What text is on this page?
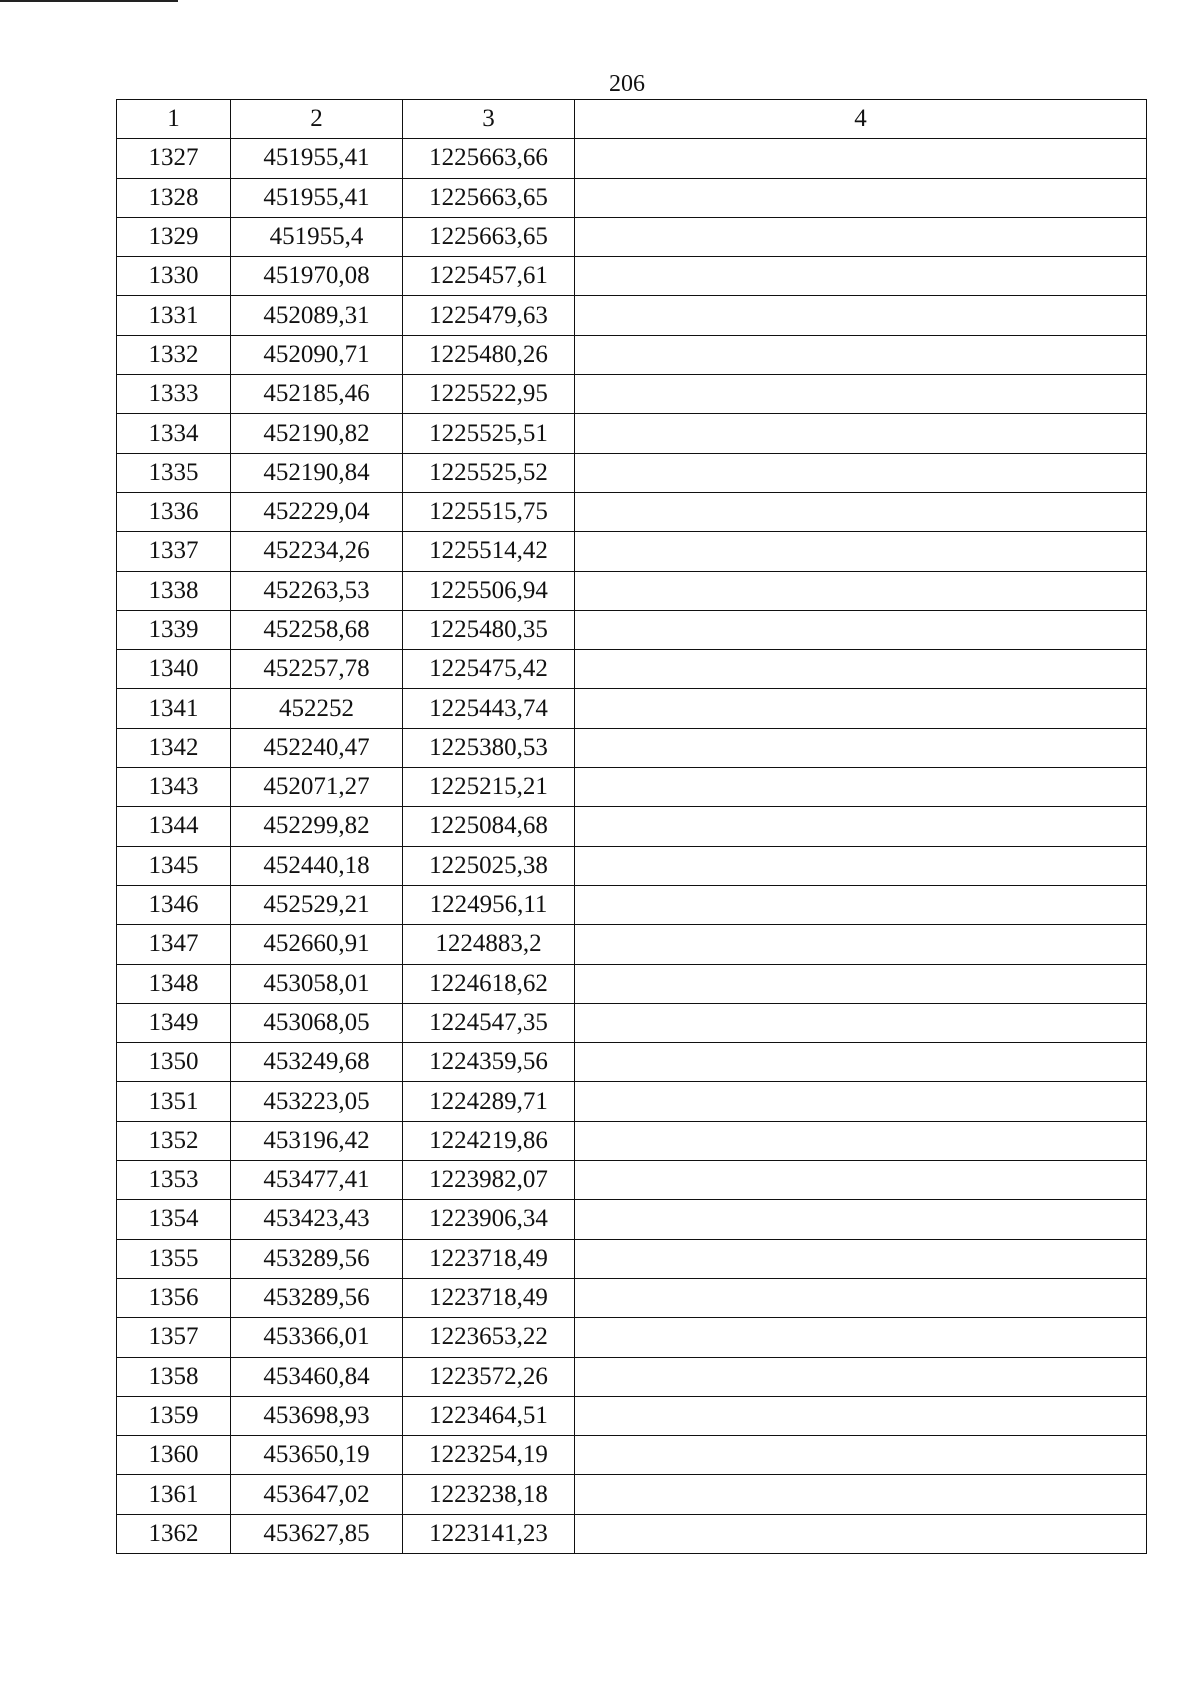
206
1	2	3	4
1327	451955,41	1225663,66	
1328	451955,41	1225663,65	
1329	451955,4	1225663,65	
1330	451970,08	1225457,61	
1331	452089,31	1225479,63	
1332	452090,71	1225480,26	
1333	452185,46	1225522,95	
1334	452190,82	1225525,51	
1335	452190,84	1225525,52	
1336	452229,04	1225515,75	
1337	452234,26	1225514,42	
1338	452263,53	1225506,94	
1339	452258,68	1225480,35	
1340	452257,78	1225475,42	
1341	452252	1225443,74	
1342	452240,47	1225380,53	
1343	452071,27	1225215,21	
1344	452299,82	1225084,68	
1345	452440,18	1225025,38	
1346	452529,21	1224956,11	
1347	452660,91	1224883,2	
1348	453058,01	1224618,62	
1349	453068,05	1224547,35	
1350	453249,68	1224359,56	
1351	453223,05	1224289,71	
1352	453196,42	1224219,86	
1353	453477,41	1223982,07	
1354	453423,43	1223906,34	
1355	453289,56	1223718,49	
1356	453289,56	1223718,49	
1357	453366,01	1223653,22	
1358	453460,84	1223572,26	
1359	453698,93	1223464,51	
1360	453650,19	1223254,19	
1361	453647,02	1223238,18	
1362	453627,85	1223141,23	
